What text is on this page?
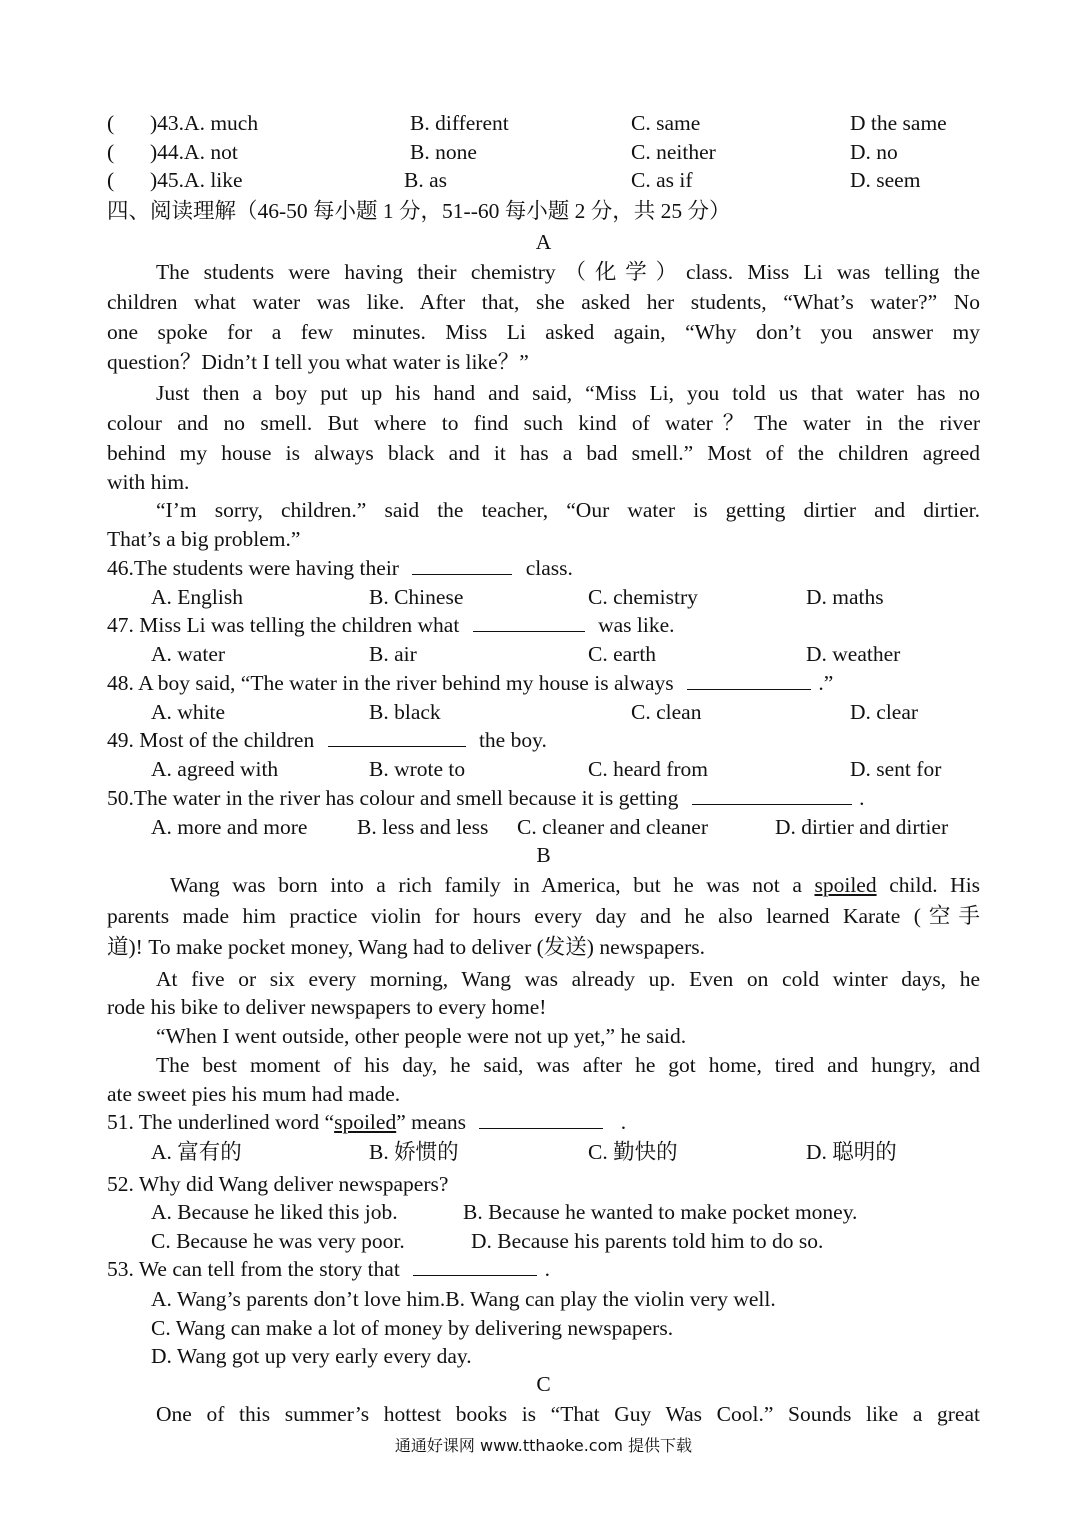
( )43.A. much	B. different	C. same	D the same
( )44.A. not	B. none	C. neither	D. no
( )45.A. like	B. as	C. as if	D. seem
四、阅读理解（46-50 每小题 1 分，51--60 每小题 2 分，共 25 分）
A
The students were having their chemistry（化学）class. Miss Li was telling the
children what water was like. After that, she asked her students, “What’s water?” No
one spoke for a few minutes. Miss Li asked again, “Why don’t you answer my
question？Didn’t I tell you what water is like？”
Just then a boy put up his hand and said, “Miss Li, you told us that water has no
colour and no smell. But where to find such kind of water？The water in the river
behind my house is always black and it has a bad smell.” Most of the children agreed
with him.
“I’m sorry, children.” said the teacher, “Our water is getting dirtier and dirtier.
That’s a big problem.”
46.The students were having their	class.
A. English	B. Chinese	C. chemistry	D. maths
47. Miss Li was telling the children what	was like.
A. water	B. air	C. earth	D. weather
48. A boy said, “The water in the river behind my house is always	.”
A. white	B. black	C. clean	D. clear
49. Most of the children	the boy.
A. agreed with	B. wrote to	C. heard from	D. sent for
50.The water in the river has colour and smell because it is getting	.
A. more and more B. less and less C. cleaner and cleaner	D. dirtier and dirtier
B
Wang was born into a rich family in America, but he was not a spoiled child. His
parents made him practice violin for hours every day and he also learned Karate (空手
道)! To make pocket money, Wang had to deliver (发送) newspapers.
At five or six every morning, Wang was already up. Even on cold winter days, he
rode his bike to deliver newspapers to every home!
“When I went outside, other people were not up yet,” he said.
The best moment of his day, he said, was after he got home, tired and hungry, and
ate sweet pies his mum had made.
51. The underlined word “spoiled” means	.
A. 富有的	B. 娇惯的	C. 勤快的	D. 聪明的
52. Why did Wang deliver newspapers?
A. Because he liked this job.	B. Because he wanted to make pocket money.
C. Because he was very poor.	D. Because his parents told him to do so.
53. We can tell from the story that	.
A. Wang’s parents don’t love him.B. Wang can play the violin very well.
C. Wang can make a lot of money by delivering newspapers.
D. Wang got up very early every day.
C
One of this summer’s hottest books is “That Guy Was Cool.” Sounds like a great
通通好课网 www.tthaoke.com 提供下载
